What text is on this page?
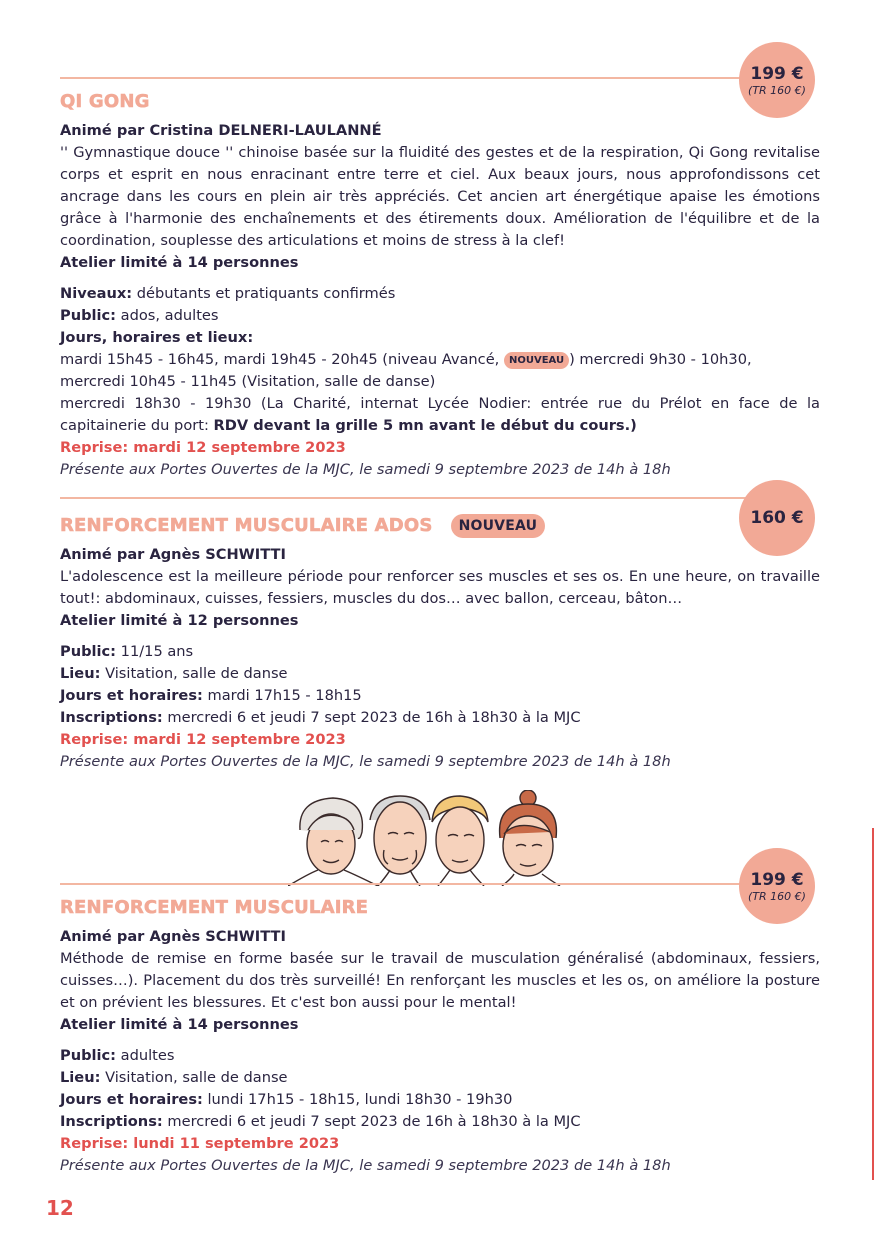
199 €
(TR 160 €)
QI GONG
Animé par Cristina DELNERI-LAULANNÉ
'' Gymnastique douce '' chinoise basée sur la fluidité des gestes et de la respiration, Qi Gong revitalise corps et esprit en nous enracinant entre terre et ciel. Aux beaux jours, nous approfondissons cet ancrage dans les cours en plein air très appréciés. Cet ancien art énergétique apaise les émotions grâce à l'harmonie des enchaînements et des étirements doux. Amélioration de l'équilibre et de la coordination, souplesse des articulations et moins de stress à la clef!
Atelier limité à 14 personnes
Niveaux: débutants et pratiquants confirmés
Public: ados, adultes
Jours, horaires et lieux:
mardi 15h45 - 16h45, mardi 19h45 - 20h45 (niveau Avancé, NOUVEAU ) mercredi 9h30 - 10h30, mercredi 10h45 - 11h45 (Visitation, salle de danse)
mercredi 18h30 - 19h30 (La Charité, internat Lycée Nodier: entrée rue du Prélot en face de la capitainerie du port: RDV devant la grille 5 mn avant le début du cours.)
Reprise: mardi 12 septembre 2023
Présente aux Portes Ouvertes de la MJC, le samedi 9 septembre 2023 de 14h à 18h
160 €
RENFORCEMENT MUSCULAIRE ADOS NOUVEAU
Animé par Agnès SCHWITTI
L'adolescence est la meilleure période pour renforcer ses muscles et ses os. En une heure, on travaille tout!: abdominaux, cuisses, fessiers, muscles du dos… avec ballon, cerceau, bâton…
Atelier limité à 12 personnes
Public: 11/15 ans
Lieu: Visitation, salle de danse
Jours et horaires: mardi 17h15 - 18h15
Inscriptions: mercredi 6 et jeudi 7 sept 2023 de 16h à 18h30 à la MJC
Reprise: mardi 12 septembre 2023
Présente aux Portes Ouvertes de la MJC, le samedi 9 septembre 2023 de 14h à 18h
199 €
(TR 160 €)
RENFORCEMENT MUSCULAIRE
Animé par Agnès SCHWITTI
Méthode de remise en forme basée sur le travail de musculation généralisé (abdominaux, fessiers, cuisses…). Placement du dos très surveillé! En renforçant les muscles et les os, on améliore la posture et on prévient les blessures. Et c'est bon aussi pour le mental!
Atelier limité à 14 personnes
Public: adultes
Lieu: Visitation, salle de danse
Jours et horaires: lundi 17h15 - 18h15, lundi 18h30 - 19h30
Inscriptions: mercredi 6 et jeudi 7 sept 2023 de 16h à 18h30 à la MJC
Reprise: lundi 11 septembre 2023
Présente aux Portes Ouvertes de la MJC, le samedi 9 septembre 2023 de 14h à 18h
12
